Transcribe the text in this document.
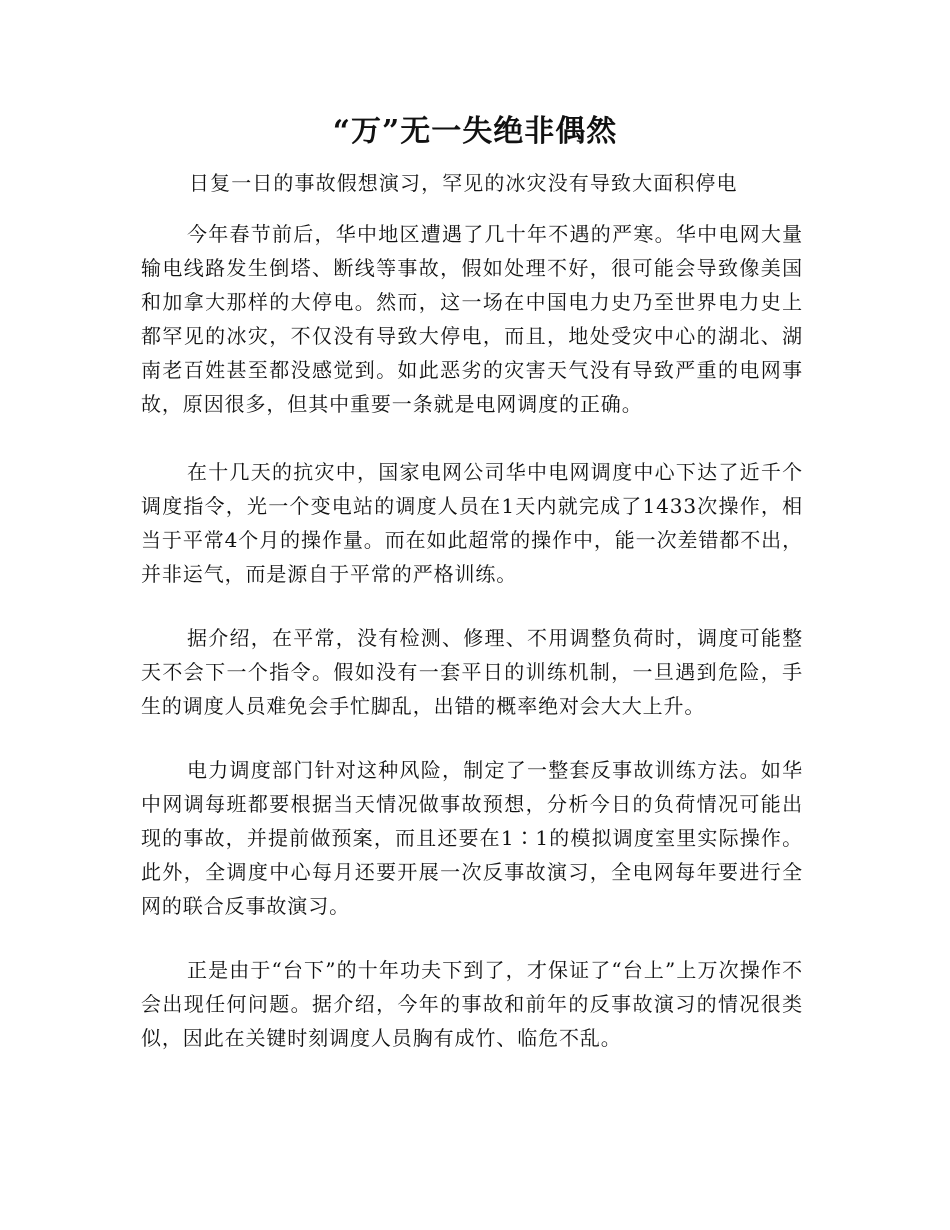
“万”无一失绝非偶然

日复一日的事故假想演习，罕见的冰灾没有导致大面积停电

今年春节前后，华中地区遭遇了几十年不遇的严寒。华中电网大量输电线路发生倒塔、断线等事故，假如处理不好，很可能会导致像美国和加拿大那样的大停电。然而，这一场在中国电力史乃至世界电力史上都罕见的冰灾，不仅没有导致大停电，而且，地处受灾中心的湖北、湖南老百姓甚至都没感觉到。如此恶劣的灾害天气没有导致严重的电网事故，原因很多，但其中重要一条就是电网调度的正确。

在十几天的抗灾中，国家电网公司华中电网调度中心下达了近千个调度指令，光一个变电站的调度人员在1天内就完成了1433次操作，相当于平常4个月的操作量。而在如此超常的操作中，能一次差错都不出，并非运气，而是源自于平常的严格训练。

据介绍，在平常，没有检测、修理、不用调整负荷时，调度可能整天不会下一个指令。假如没有一套平日的训练机制，一旦遇到危险，手生的调度人员难免会手忙脚乱，出错的概率绝对会大大上升。

电力调度部门针对这种风险，制定了一整套反事故训练方法。如华中网调每班都要根据当天情况做事故预想，分析今日的负荷情况可能出现的事故，并提前做预案，而且还要在1∶1的模拟调度室里实际操作。此外，全调度中心每月还要开展一次反事故演习，全电网每年要进行全网的联合反事故演习。

正是由于“台下”的十年功夫下到了，才保证了“台上”上万次操作不会出现任何问题。据介绍，今年的事故和前年的反事故演习的情况很类似，因此在关键时刻调度人员胸有成竹、临危不乱。
